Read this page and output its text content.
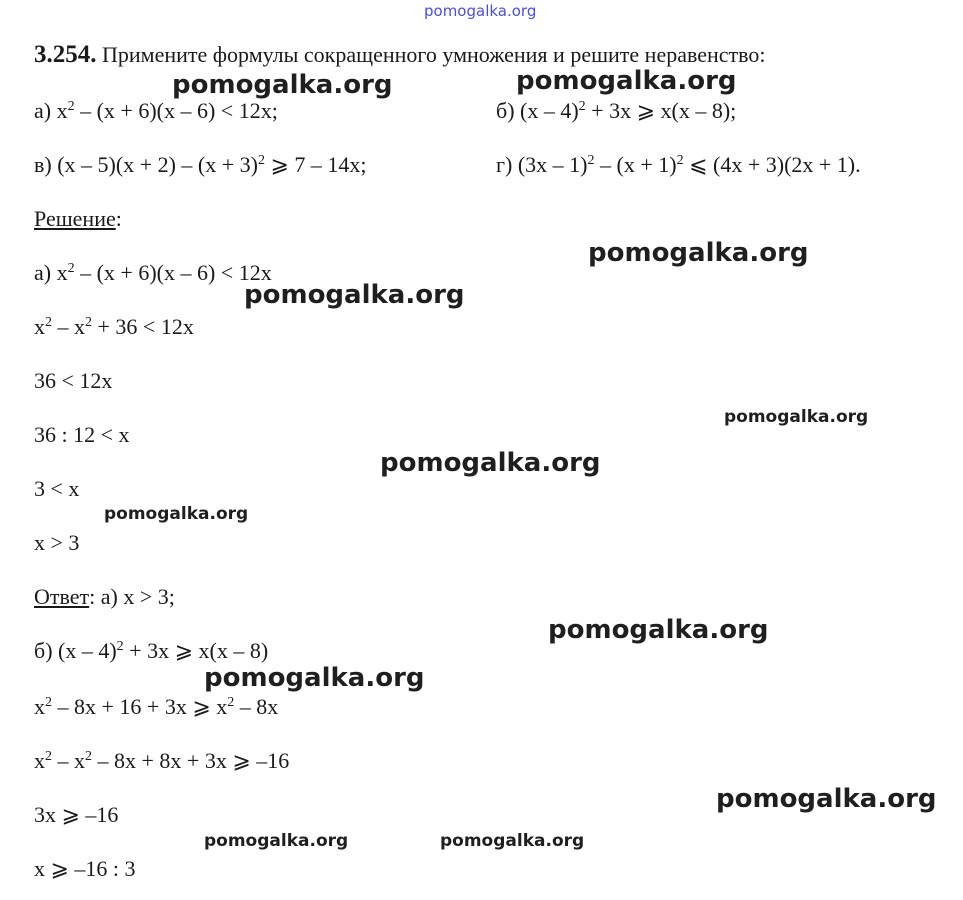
pomogalka.org
3.254. Примените формулы сокращенного умножения и решите неравенство:
а) $x^2 - (x + 6)(x - 6) < 12x$;	б) (x – 4)$^2$ + 3x ⩾ x(x – 8);
в) $(x - 5)(x + 2) - (x + 3)^2$ ⩾ 7 – 14x;	г) $(3x - 1)^2 - (x + 1)^2$ ⩽ (4x + 3)(2x + 1).
Решение:
а) $x^2 - (x + 6)(x - 6) < 12x$
$x^2 - x^2 + 36 < 12x$
36 < 12x
36 : 12 < x
3 < x
x > 3
Ответ: а) x > 3;
б) (x – 4)$^2$ + 3x ⩾ x(x – 8)
$x^2 - 8x + 16 + 3x$ ⩾ $x^2 - 8x$
$x^2 - x^2 - 8x + 8x + 3x$ ⩾ –16
3x ⩾ –16
x ⩾ –16 : 3
pomogalka.org	pomogalka.org
pomogalka.org
pomogalka.org
pomogalka.org
pomogalka.org
pomogalka.org
pomogalka.org
pomogalka.org
pomogalka.org
pomogalka.org	pomogalka.org
